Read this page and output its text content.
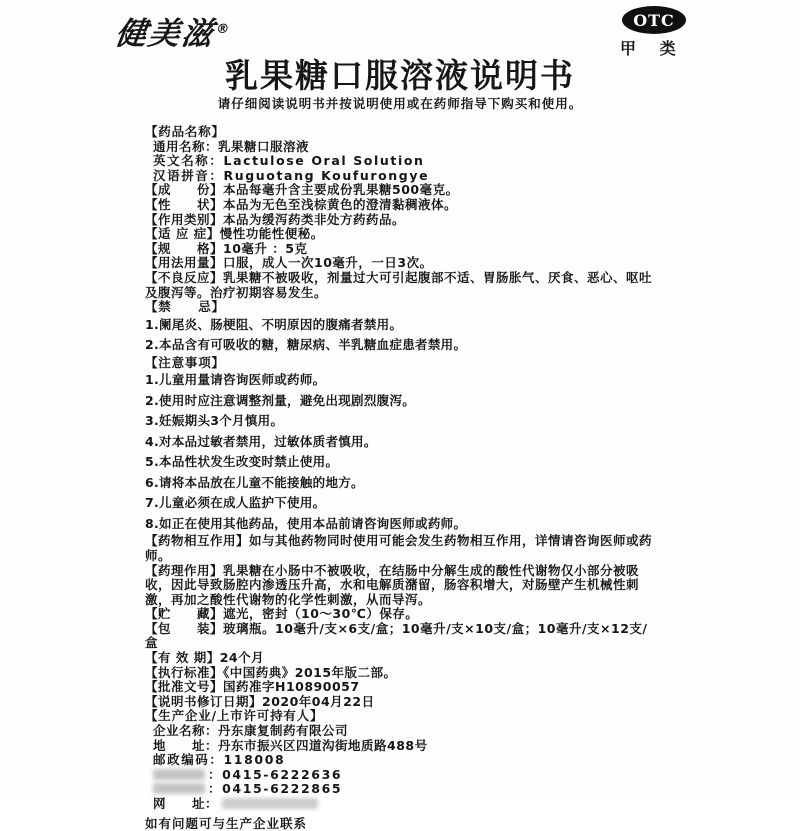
健美滋®	OTC
甲 类
乳果糖口服溶液说明书
请仔细阅读说明书并按说明使用或在药师指导下购买和使用。

【药品名称】

通用名称：乳果糖口服溶液

英文名称：Lactulose Oral Solution

汉语拼音：Ruguotang Koufurongye

【成　　份】本品每毫升含主要成份乳果糖500毫克。

【性　　状】本品为无色至浅棕黄色的澄清黏稠液体。

【作用类别】本品为缓泻药类非处方药药品。

【适 应 症】慢性功能性便秘。

【规　　格】10毫升 ：5克

【用法用量】口服，成人一次10毫升，一日3次。

【不良反应】乳果糖不被吸收，剂量过大可引起腹部不适、胃肠胀气、厌食、恶心、呕吐及腹泻等。治疗初期容易发生。

【禁　　忌】

1.阑尾炎、肠梗阻、不明原因的腹痛者禁用。

2.本品含有可吸收的糖，糖尿病、半乳糖血症患者禁用。

【注意事项】

1.儿童用量请咨询医师或药师。

2.使用时应注意调整剂量，避免出现剧烈腹泻。

3.妊娠期头3个月慎用。

4.对本品过敏者禁用，过敏体质者慎用。

5.本品性状发生改变时禁止使用。

6.请将本品放在儿童不能接触的地方。

7.儿童必须在成人监护下使用。

8.如正在使用其他药品，使用本品前请咨询医师或药师。

【药物相互作用】如与其他药物同时使用可能会发生药物相互作用，详情请咨询医师或药师。

【药理作用】乳果糖在小肠中不被吸收，在结肠中分解生成的酸性代谢物仅小部分被吸收，因此导致肠腔内渗透压升高，水和电解质潴留，肠容积增大，对肠壁产生机械性刺激，再加之酸性代谢物的化学性刺激，从而导泻。

【贮　　藏】遮光，密封（10～30℃）保存。

【包　　装】玻璃瓶。10毫升/支×6支/盒；10毫升/支×10支/盒；10毫升/支×12支/盒

【有 效 期】24个月

【执行标准】《中国药典》2015年版二部。

【批准文号】国药准字H10890057

【说明书修订日期】2020年04月22日

【生产企业/上市许可持有人】

企业名称：丹东康复制药有限公司

地　　址：丹东市振兴区四道沟街地质路488号

邮政编码：118008

：0415-6222636

：0415-6222865

网　　址：

如有问题可与生产企业联系
